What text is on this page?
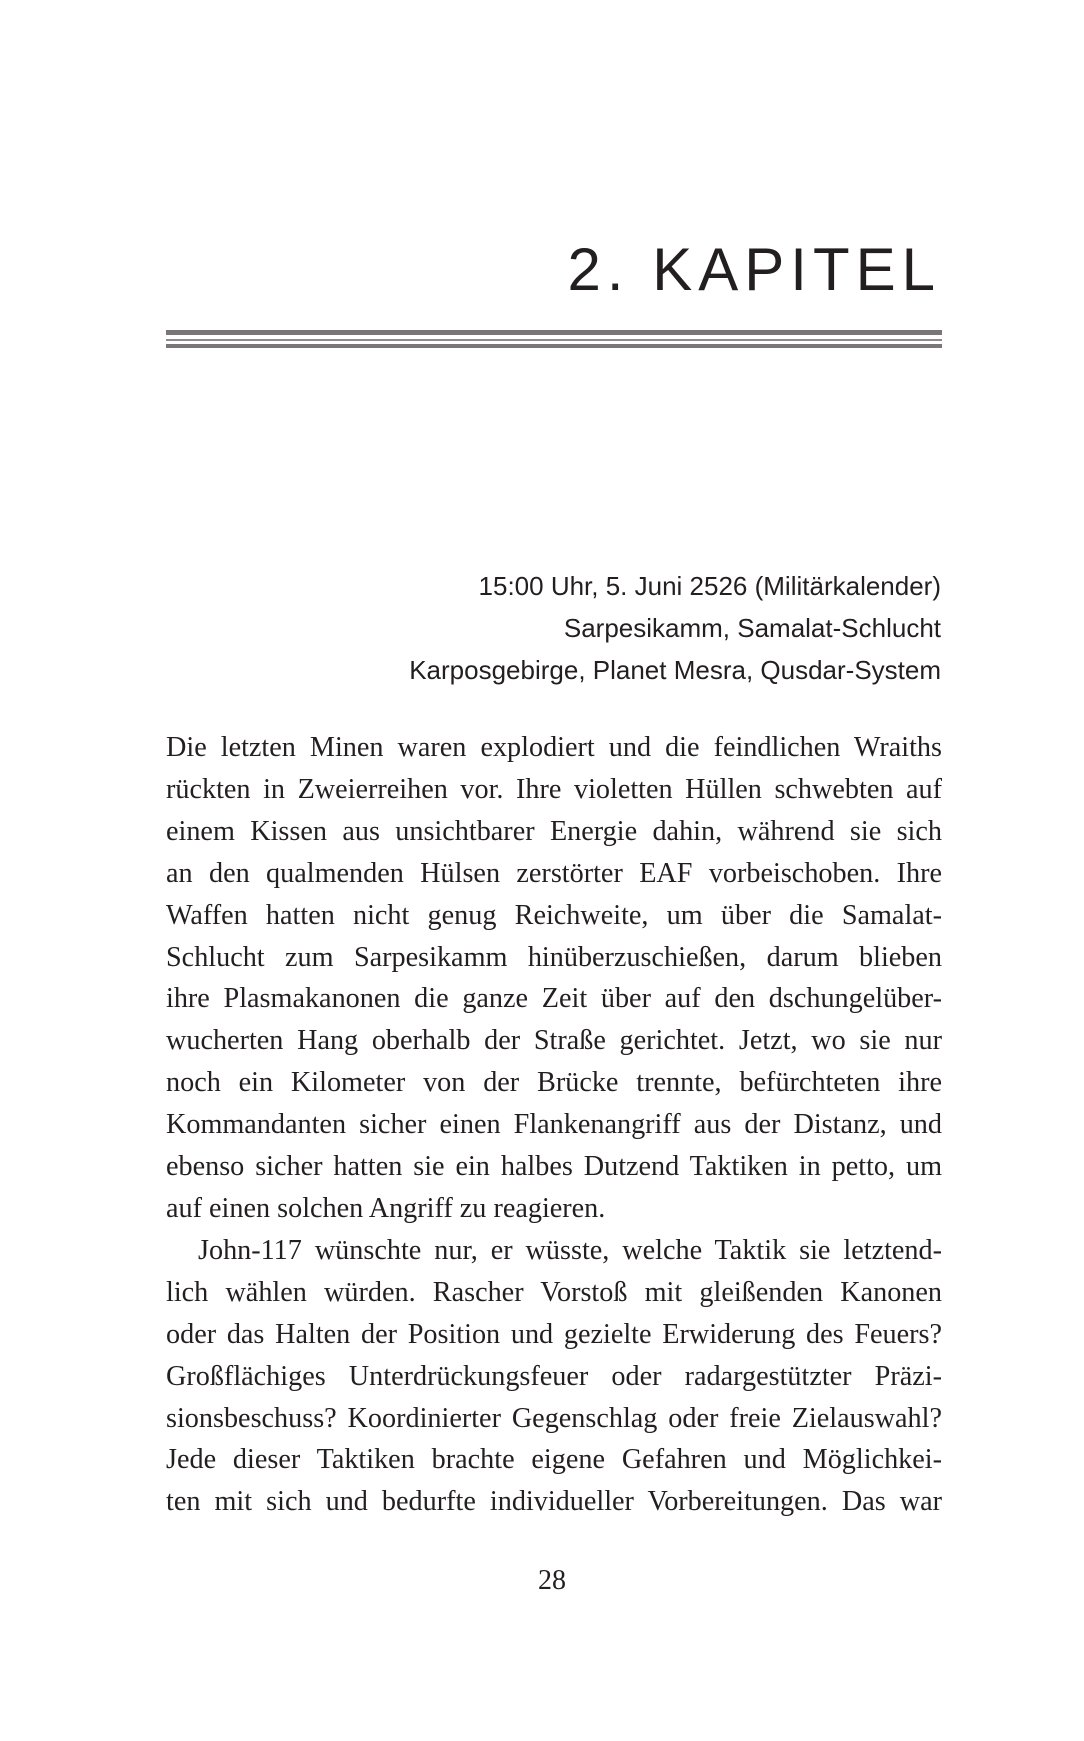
2. KAPITEL
15:00 Uhr, 5. Juni 2526 (Militärkalender)
Sarpesikamm, Samalat-Schlucht
Karposgebirge, Planet Mesra, Qusdar-System

Die letzten Minen waren explodiert und die feindlichen Wraiths
rückten in Zweierreihen vor. Ihre violetten Hüllen schwebten auf
einem Kissen aus unsichtbarer Energie dahin, während sie sich
an den qualmenden Hülsen zerstörter EAF vorbeischoben. Ihre
Waffen hatten nicht genug Reichweite, um über die Samalat-
Schlucht zum Sarpesikamm hinüberzuschießen, darum blieben
ihre Plasmakanonen die ganze Zeit über auf den dschungelüber-
wucherten Hang oberhalb der Straße gerichtet. Jetzt, wo sie nur
noch ein Kilometer von der Brücke trennte, befürchteten ihre
Kommandanten sicher einen Flankenangriff aus der Distanz, und
ebenso sicher hatten sie ein halbes Dutzend Taktiken in petto, um
auf einen solchen Angriff zu reagieren.

John-117 wünschte nur, er wüsste, welche Taktik sie letztend-
lich wählen würden. Rascher Vorstoß mit gleißenden Kanonen
oder das Halten der Position und gezielte Erwiderung des Feuers?
Großflächiges Unterdrückungsfeuer oder radargestützter Präzi-
sionsbeschuss? Koordinierter Gegenschlag oder freie Zielauswahl?
Jede dieser Taktiken brachte eigene Gefahren und Möglichkei-
ten mit sich und bedurfte individueller Vorbereitungen. Das war

28
